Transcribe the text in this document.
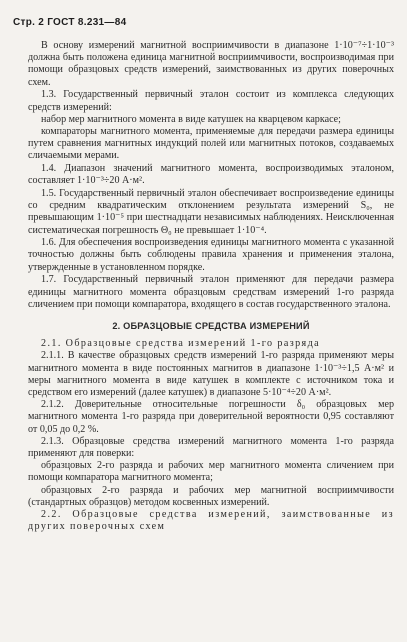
Стр. 2 ГОСТ 8.231—84

В основу измерений магнитной восприимчивости в диапазоне 1·10⁻⁷÷1·10⁻³ должна быть положена единица магнитной восприимчивости, воспроизводимая при помощи образцовых средств измерений, заимствованных из других поверочных схем.

1.3. Государственный первичный эталон состоит из комплекса следующих средств измерений:

набор мер магнитного момента в виде катушек на кварцевом каркасе;

компараторы магнитного момента, применяемые для передачи размера единицы путем сравнения магнитных индукций полей или магнитных потоков, создаваемых сличаемыми мерами.

1.4. Диапазон значений магнитного момента, воспроизводимых эталоном, составляет 1·10⁻³÷20 А·м².

1.5. Государственный первичный эталон обеспечивает воспроизведение единицы со средним квадратическим отклонением результата измерений S₀, не превышающим 1·10⁻⁵ при шестнадцати независимых наблюдениях. Неисключенная систематическая погрешность Θ₀ не превышает 1·10⁻⁴.

1.6. Для обеспечения воспроизведения единицы магнитного момента с указанной точностью должны быть соблюдены правила хранения и применения эталона, утвержденные в установленном порядке.

1.7. Государственный первичный эталон применяют для передачи размера единицы магнитного момента образцовым средствам измерений 1-го разряда сличением при помощи компаратора, входящего в состав государственного эталона.

2. ОБРАЗЦОВЫЕ СРЕДСТВА ИЗМЕРЕНИЙ

2.1. Образцовые средства измерений 1-го разряда

2.1.1. В качестве образцовых средств измерений 1-го разряда применяют меры магнитного момента в виде постоянных магнитов в диапазоне 1·10⁻³÷1,5 А·м² и меры магнитного момента в виде катушек в комплекте с источником тока и средством его измерений (далее катушек) в диапазоне 5·10⁻⁴÷20 А·м².

2.1.2. Доверительные относительные погрешности δ₀ образцовых мер магнитного момента 1-го разряда при доверительной вероятности 0,95 составляют от 0,05 до 0,2 %.

2.1.3. Образцовые средства измерений магнитного момента 1-го разряда применяют для поверки:

образцовых 2-го разряда и рабочих мер магнитного момента сличением при помощи компаратора магнитного момента;

образцовых 2-го разряда и рабочих мер магнитной восприимчивости (стандартных образцов) методом косвенных измерений.

2.2. Образцовые средства измерений, заимствованные из других поверочных схем
